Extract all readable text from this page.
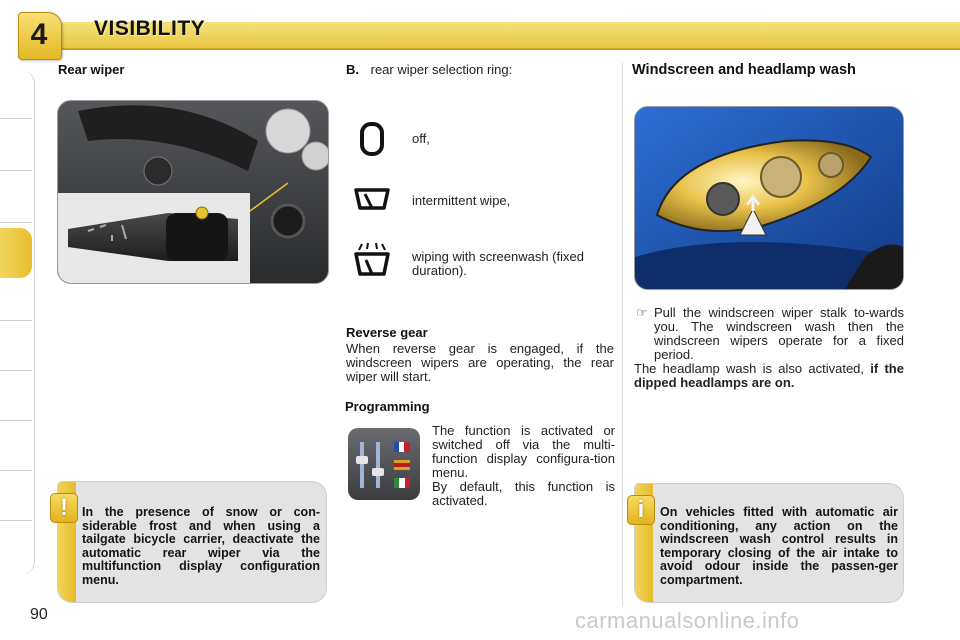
4	VISIBILITY
Rear wiper
!	In the presence of snow or con-siderable frost and when using a tailgate bicycle carrier, deactivate the automatic rear wiper via the multifunction display configuration menu.
B. rear wiper selection ring:
off,
intermittent wipe,
wiping with screenwash (fixed duration).
Reverse gear
When reverse gear is engaged, if the windscreen wipers are operating, the rear wiper will start.
Programming
The function is activated or switched off via the multi-function display configura-tion menu.
By default, this function is activated.
Windscreen and headlamp wash
☞ Pull the windscreen wiper stalk to-wards you. The windscreen wash then the windscreen wipers operate for a fixed period.
The headlamp wash is also activated, if the dipped headlamps are on.
i	On vehicles fitted with automatic air conditioning, any action on the windscreen wash control results in temporary closing of the air intake to avoid odour inside the passen-ger compartment.
90	carmanualsonline.info
